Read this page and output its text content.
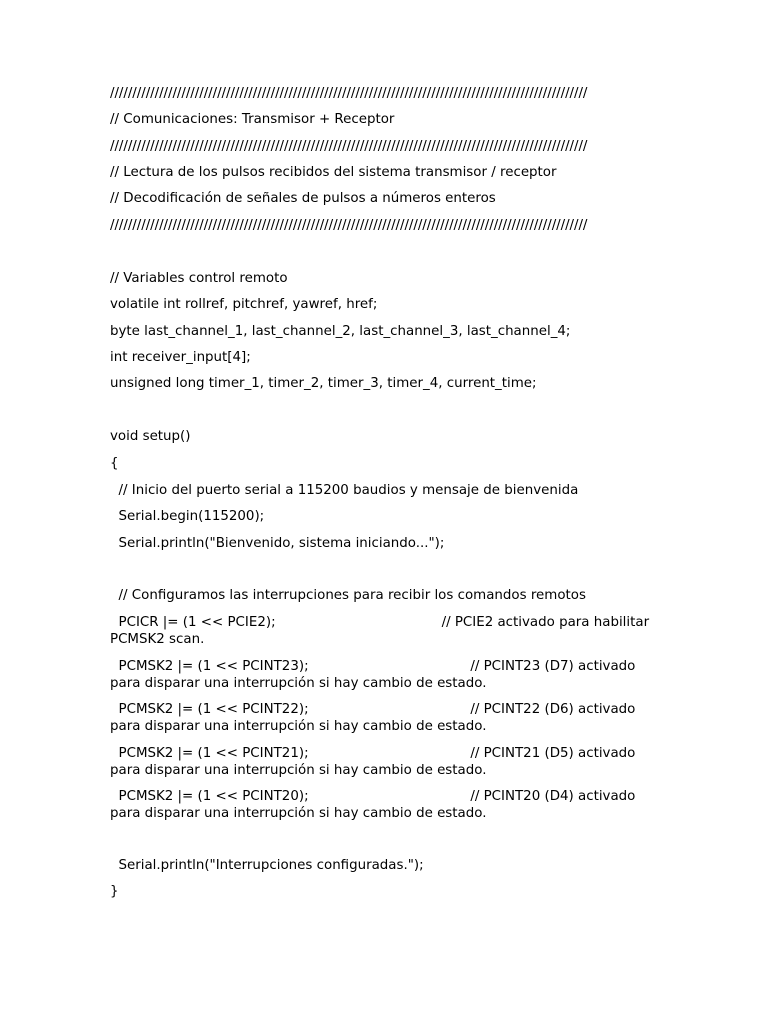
///////////////////////////////////////////////////////////////////////////////////////////////////////////

// Comunicaciones: Transmisor + Receptor

///////////////////////////////////////////////////////////////////////////////////////////////////////////

// Lectura de los pulsos recibidos del sistema transmisor / receptor

// Decodificación de señales de pulsos a números enteros

///////////////////////////////////////////////////////////////////////////////////////////////////////////

// Variables control remoto

volatile int rollref, pitchref, yawref, href;

byte last_channel_1, last_channel_2, last_channel_3, last_channel_4;

int receiver_input[4];

unsigned long timer_1, timer_2, timer_3, timer_4, current_time;

void setup()

{

// Inicio del puerto serial a 115200 baudios y mensaje de bienvenida

Serial.begin(115200);

Serial.println("Bienvenido, sistema iniciando...");

// Configuramos las interrupciones para recibir los comandos remotos

PCICR |= (1 << PCIE2);                                       // PCIE2 activado para habilitar PCMSK2 scan.

PCMSK2 |= (1 << PCINT23);                                      // PCINT23 (D7) activado para disparar una interrupción si hay cambio de estado.

PCMSK2 |= (1 << PCINT22);                                      // PCINT22 (D6) activado para disparar una interrupción si hay cambio de estado.

PCMSK2 |= (1 << PCINT21);                                      // PCINT21 (D5) activado para disparar una interrupción si hay cambio de estado.

PCMSK2 |= (1 << PCINT20);                                      // PCINT20 (D4) activado para disparar una interrupción si hay cambio de estado.

Serial.println("Interrupciones configuradas.");

}
